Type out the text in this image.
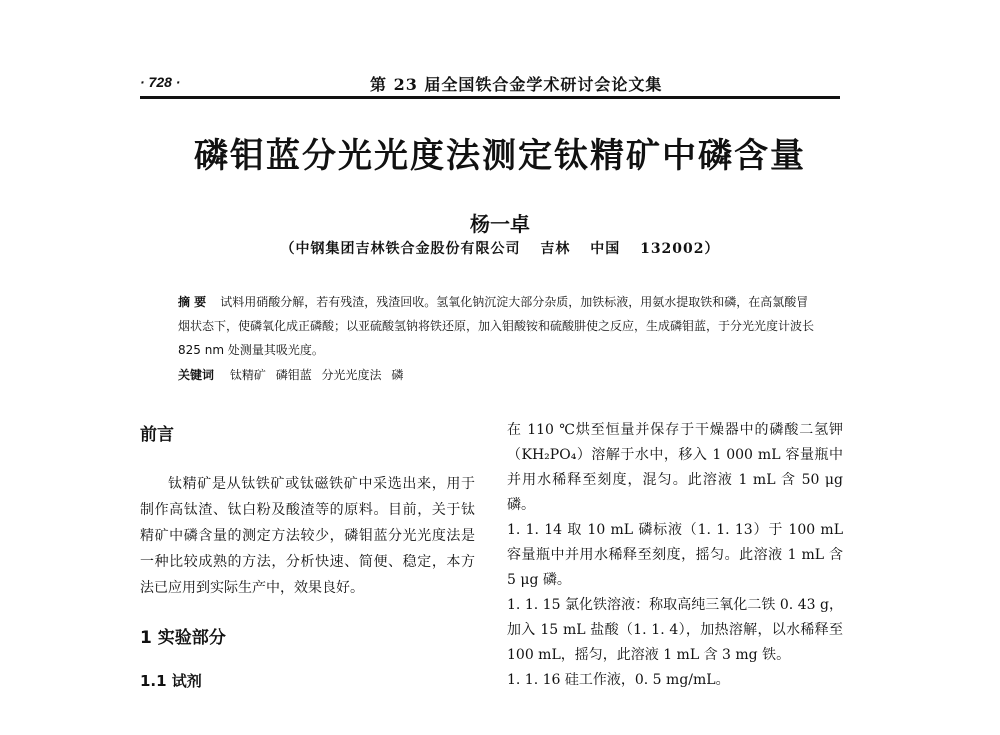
· 728 ·	第 23 届全国铁合金学术研讨会论文集
磷钼蓝分光光度法测定钛精矿中磷含量
杨一卓
（中钢集团吉林铁合金股份有限公司 吉林 中国 132002）
摘 要 试料用硝酸分解，若有残渣，残渣回收。氢氧化钠沉淀大部分杂质，加铁标液，用氨水提取铁和磷，在高氯酸冒烟状态下，使磷氧化成正磷酸；以亚硫酸氢钠将铁还原，加入钼酸铵和硫酸肼使之反应，生成磷钼蓝，于分光光度计波长 825 nm 处测量其吸光度。
关键词 钛精矿 磷钼蓝 分光光度法 磷
前言

钛精矿是从钛铁矿或钛磁铁矿中采选出来，用于制作高钛渣、钛白粉及酸渣等的原料。目前，关于钛精矿中磷含量的测定方法较少，磷钼蓝分光光度法是一种比较成熟的方法，分析快速、简便、稳定，本方法已应用到实际生产中，效果良好。

1 实验部分
1.1 试剂

在 110 ℃烘至恒量并保存于干燥器中的磷酸二氢钾（KH₂PO₄）溶解于水中，移入 1 000 mL 容量瓶中并用水稀释至刻度，混匀。此溶液 1 mL 含 50 μg 磷。

1. 1. 14 取 10 mL 磷标液（1. 1. 13）于 100 mL 容量瓶中并用水稀释至刻度，摇匀。此溶液 1 mL 含 5 μg 磷。

1. 1. 15 氯化铁溶液：称取高纯三氧化二铁 0. 43 g，加入 15 mL 盐酸（1. 1. 4），加热溶解，以水稀释至 100 mL，摇匀，此溶液 1 mL 含 3 mg 铁。

1. 1. 16 硅工作液，0. 5 mg/mL。
